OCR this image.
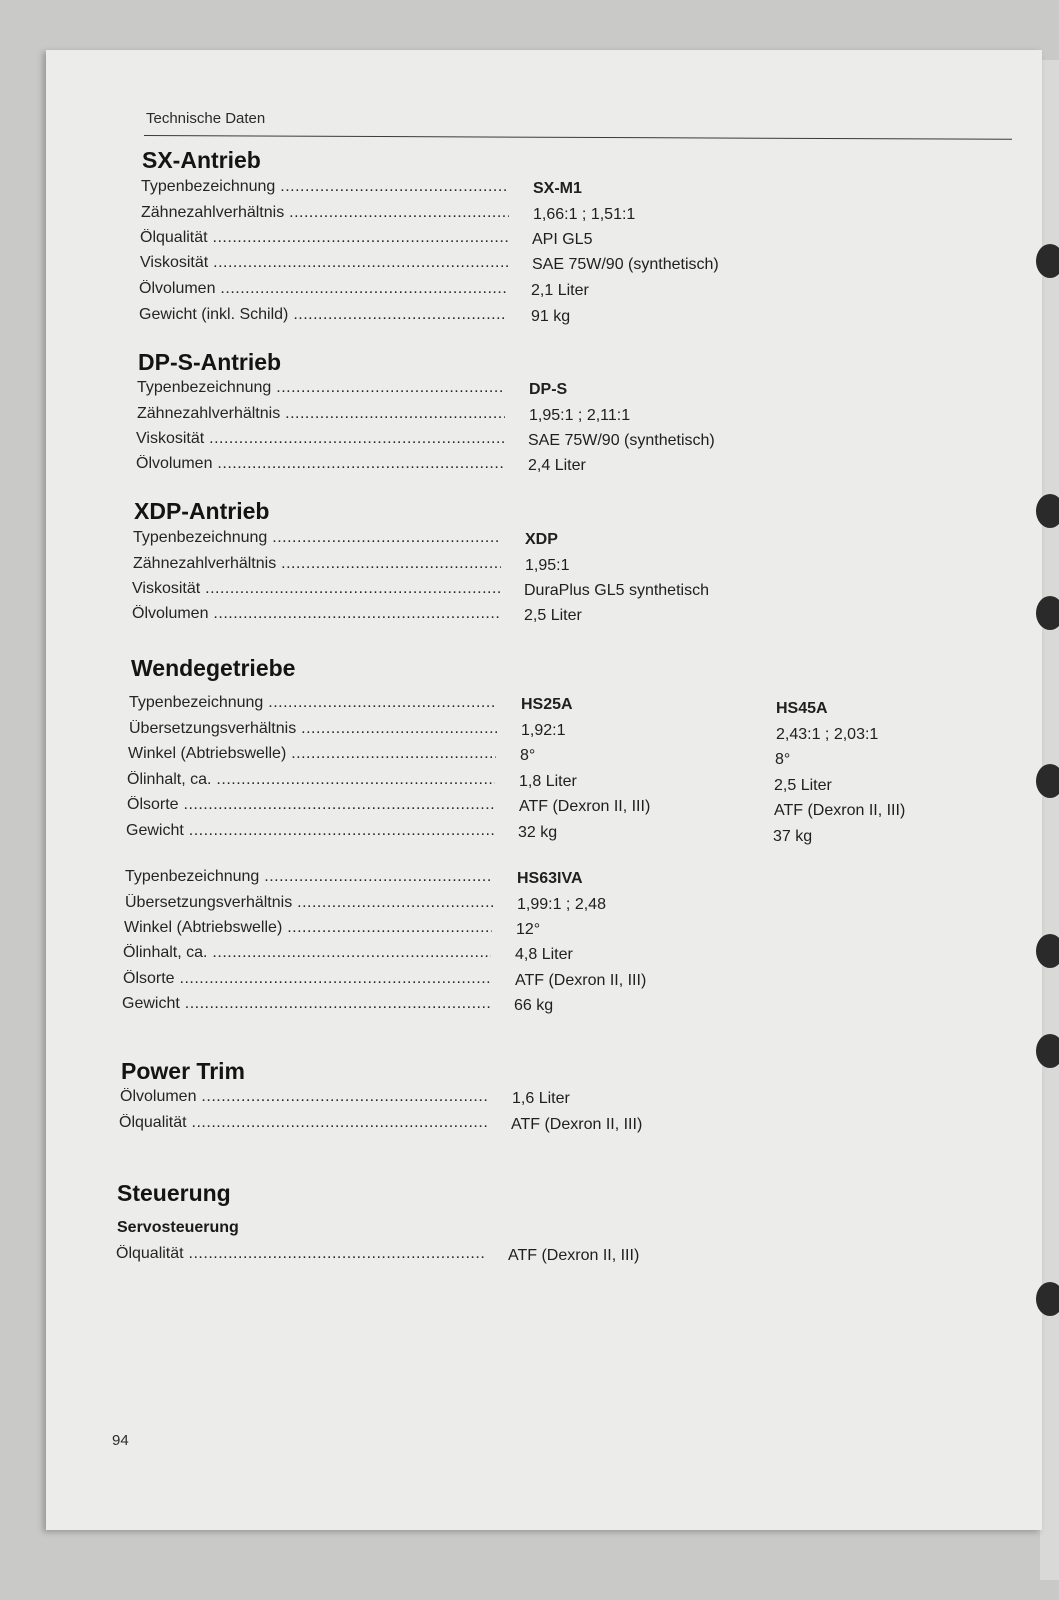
Technische Daten
SX-Antrieb
Typenbezeichnung .....	SX-M1
Zähnezahlverhältnis .....	1,66:1 ; 1,51:1
Ölqualität .....	API GL5
Viskosität .....	SAE 75W/90 (synthetisch)
Ölvolumen .....	2,1 Liter
Gewicht (inkl. Schild) .....	91 kg
DP-S-Antrieb
Typenbezeichnung .....	DP-S
Zähnezahlverhältnis .....	1,95:1 ; 2,11:1
Viskosität .....	SAE 75W/90 (synthetisch)
Ölvolumen .....	2,4 Liter
XDP-Antrieb
Typenbezeichnung .....	XDP
Zähnezahlverhältnis .....	1,95:1
Viskosität .....	DuraPlus GL5 synthetisch
Ölvolumen .....	2,5 Liter
Wendegetriebe
Typenbezeichnung .....	HS25A	HS45A
Übersetzungsverhältnis .....	1,92:1	2,43:1 ; 2,03:1
Winkel (Abtriebswelle) .....	8°	8°
Ölinhalt, ca. .....	1,8 Liter	2,5 Liter
Ölsorte .....	ATF (Dexron II, III)	ATF (Dexron II, III)
Gewicht .....	32 kg	37 kg
Typenbezeichnung .....	HS63IVA
Übersetzungsverhältnis .....	1,99:1 ; 2,48
Winkel (Abtriebswelle) .....	12°
Ölinhalt, ca. .....	4,8 Liter
Ölsorte .....	ATF (Dexron II, III)
Gewicht .....	66 kg
Power Trim
Ölvolumen .....	1,6 Liter
Ölqualität .....	ATF (Dexron II, III)
Steuerung
Servosteuerung
Ölqualität .....	ATF (Dexron II, III)
94
